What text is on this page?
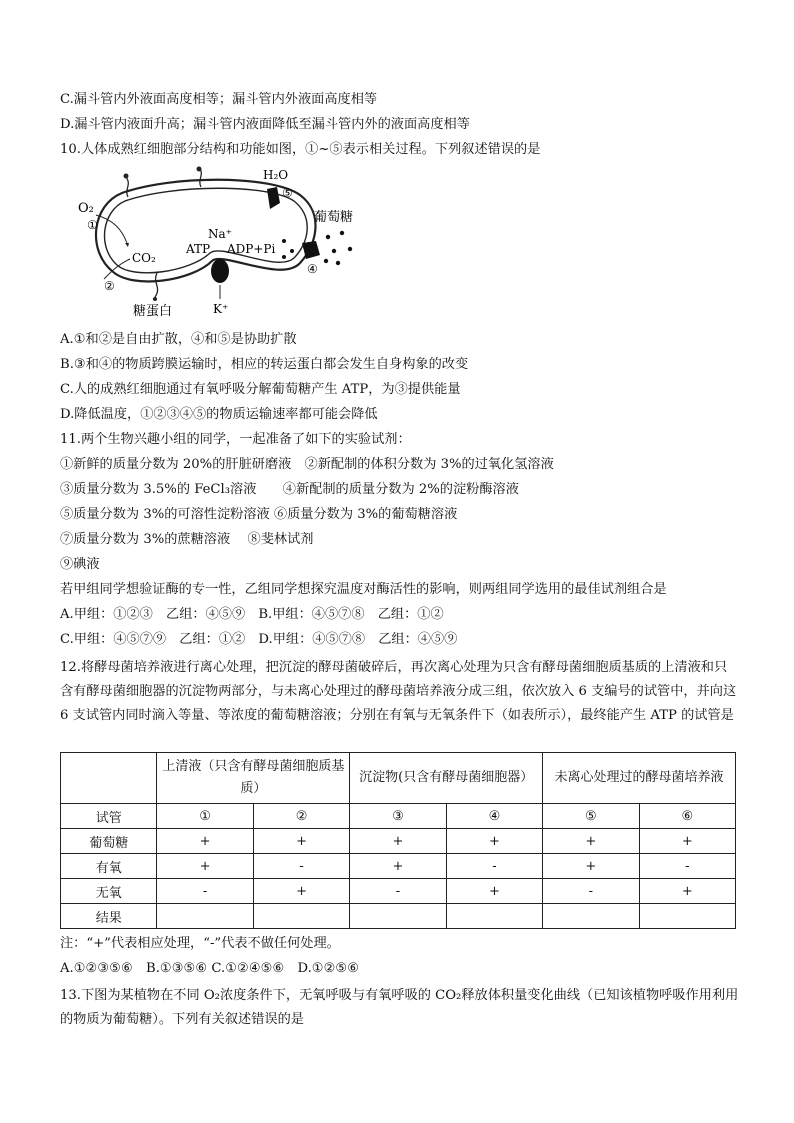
C.漏斗管内外液面高度相等；漏斗管内外液面高度相等
D.漏斗管内液面升高；漏斗管内液面降低至漏斗管内外的液面高度相等
10.人体成熟红细胞部分结构和功能如图，①~⑤表示相关过程。下列叙述错误的是
O₂
①
CO₂
②
糖蛋白
H₂O
⑤
Na⁺
ATP ADP+Pi
K⁺
葡萄糖
④
A.①和②是自由扩散，④和⑤是协助扩散
B.③和④的物质跨膜运输时，相应的转运蛋白都会发生自身构象的改变
C.人的成熟红细胞通过有氧呼吸分解葡萄糖产生 ATP，为③提供能量
D.降低温度，①②③④⑤的物质运输速率都可能会降低
11.两个生物兴趣小组的同学，一起准备了如下的实验试剂：
①新鲜的质量分数为 20%的肝脏研磨液　②新配制的体积分数为 3%的过氧化氢溶液
③质量分数为 3.5%的 FeCl₃溶液　　④新配制的质量分数为 2%的淀粉酶溶液
⑤质量分数为 3%的可溶性淀粉溶液 ⑥质量分数为 3%的葡萄糖溶液
⑦质量分数为 3%的蔗糖溶液　 ⑧斐林试剂
⑨碘液
若甲组同学想验证酶的专一性，乙组同学想探究温度对酶活性的影响，则两组同学选用的最佳试剂组合是
A.甲组：①②③　乙组：④⑤⑨　B.甲组：④⑤⑦⑧　乙组：①②
C.甲组：④⑤⑦⑨　乙组：①②　D.甲组：④⑤⑦⑧　乙组：④⑤⑨
12.将酵母菌培养液进行离心处理，把沉淀的酵母菌破碎后，再次离心处理为只含有酵母菌细胞质基质的上清液和只含有酵母菌细胞器的沉淀物两部分，与未离心处理过的酵母菌培养液分成三组，依次放入 6 支编号的试管中，并向这 6 支试管内同时滴入等量、等浓度的葡萄糖溶液；分别在有氧与无氧条件下（如表所示），最终能产生 ATP 的试管是
	上清液（只含有酵母菌细胞质基质）		沉淀物(只含有酵母菌细胞器）		未离心处理过的酵母菌培养液	
试管	①	②	③	④	⑤	⑥
葡萄糖	+	+	+	+	+	+
有氧	+	-	+	-	+	-
无氧	-	+	-	+	-	+
结果						
注：“+”代表相应处理，“-”代表不做任何处理。
A.①②③⑤⑥　B.①③⑤⑥ C.①②④⑤⑥　D.①②⑤⑥
13.下图为某植物在不同 O₂浓度条件下，无氧呼吸与有氧呼吸的 CO₂释放体积量变化曲线（已知该植物呼吸作用利用的物质为葡萄糖）。下列有关叙述错误的是
